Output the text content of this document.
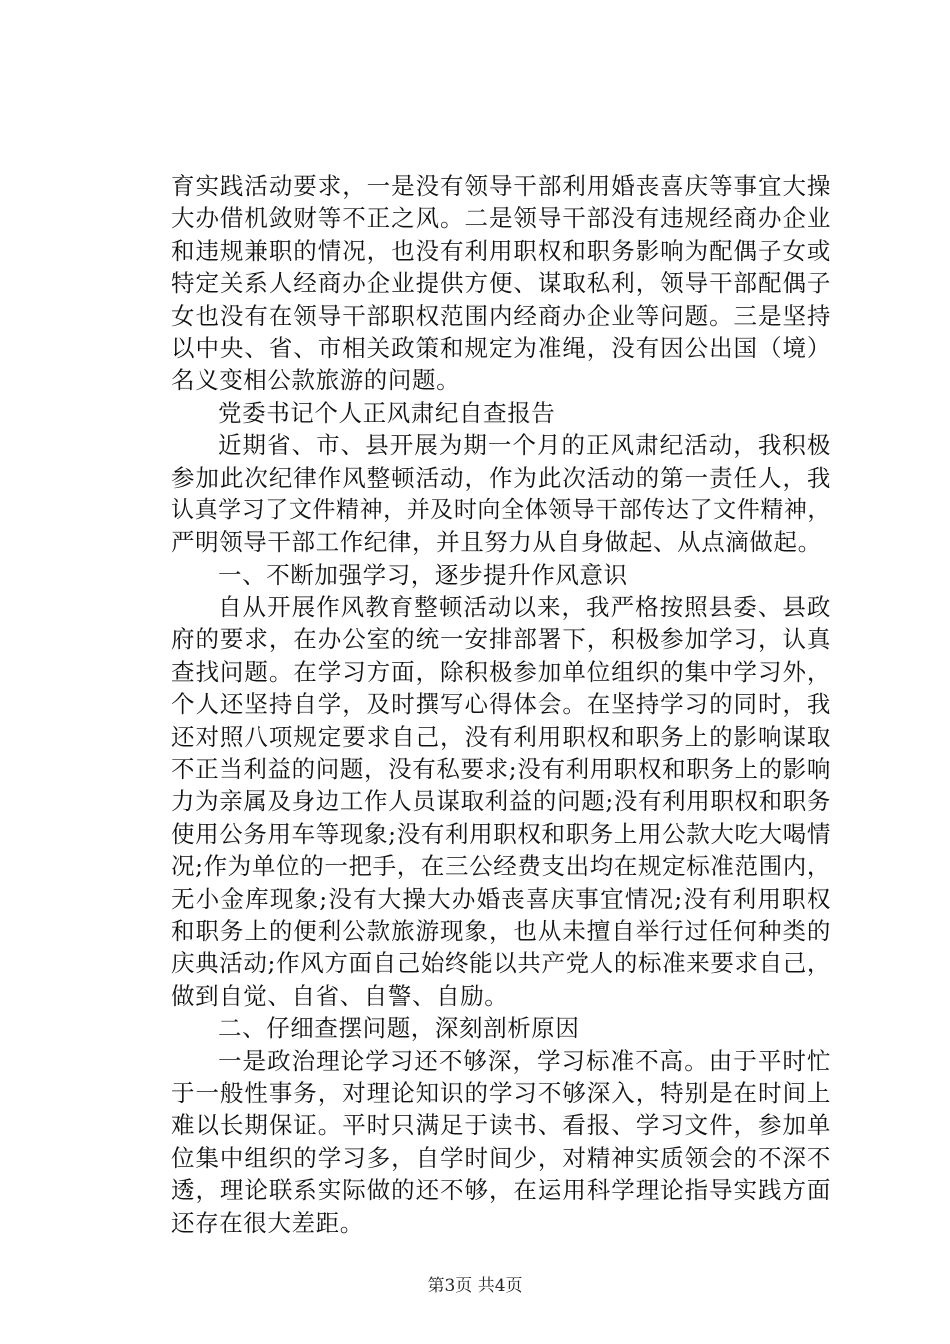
育实践活动要求，一是没有领导干部利用婚丧喜庆等事宜大操
大办借机敛财等不正之风。二是领导干部没有违规经商办企业
和违规兼职的情况，也没有利用职权和职务影响为配偶子女或
特定关系人经商办企业提供方便、谋取私利，领导干部配偶子
女也没有在领导干部职权范围内经商办企业等问题。三是坚持
以中央、省、市相关政策和规定为准绳，没有因公出国（境）
名义变相公款旅游的问题。
党委书记个人正风肃纪自查报告
近期省、市、县开展为期一个月的正风肃纪活动，我积极
参加此次纪律作风整顿活动，作为此次活动的第一责任人，我
认真学习了文件精神，并及时向全体领导干部传达了文件精神，
严明领导干部工作纪律，并且努力从自身做起、从点滴做起。
一、不断加强学习，逐步提升作风意识
自从开展作风教育整顿活动以来，我严格按照县委、县政
府的要求，在办公室的统一安排部署下，积极参加学习，认真
查找问题。在学习方面，除积极参加单位组织的集中学习外，
个人还坚持自学，及时撰写心得体会。在坚持学习的同时，我
还对照八项规定要求自己，没有利用职权和职务上的影响谋取
不正当利益的问题，没有私要求;没有利用职权和职务上的影响
力为亲属及身边工作人员谋取利益的问题;没有利用职权和职务
使用公务用车等现象;没有利用职权和职务上用公款大吃大喝情
况;作为单位的一把手，在三公经费支出均在规定标准范围内，
无小金库现象;没有大操大办婚丧喜庆事宜情况;没有利用职权
和职务上的便利公款旅游现象，也从未擅自举行过任何种类的
庆典活动;作风方面自己始终能以共产党人的标准来要求自己，
做到自觉、自省、自警、自励。
二、仔细查摆问题，深刻剖析原因
一是政治理论学习还不够深，学习标准不高。由于平时忙
于一般性事务，对理论知识的学习不够深入，特别是在时间上
难以长期保证。平时只满足于读书、看报、学习文件，参加单
位集中组织的学习多，自学时间少，对精神实质领会的不深不
透，理论联系实际做的还不够，在运用科学理论指导实践方面
还存在很大差距。
第3页 共4页
